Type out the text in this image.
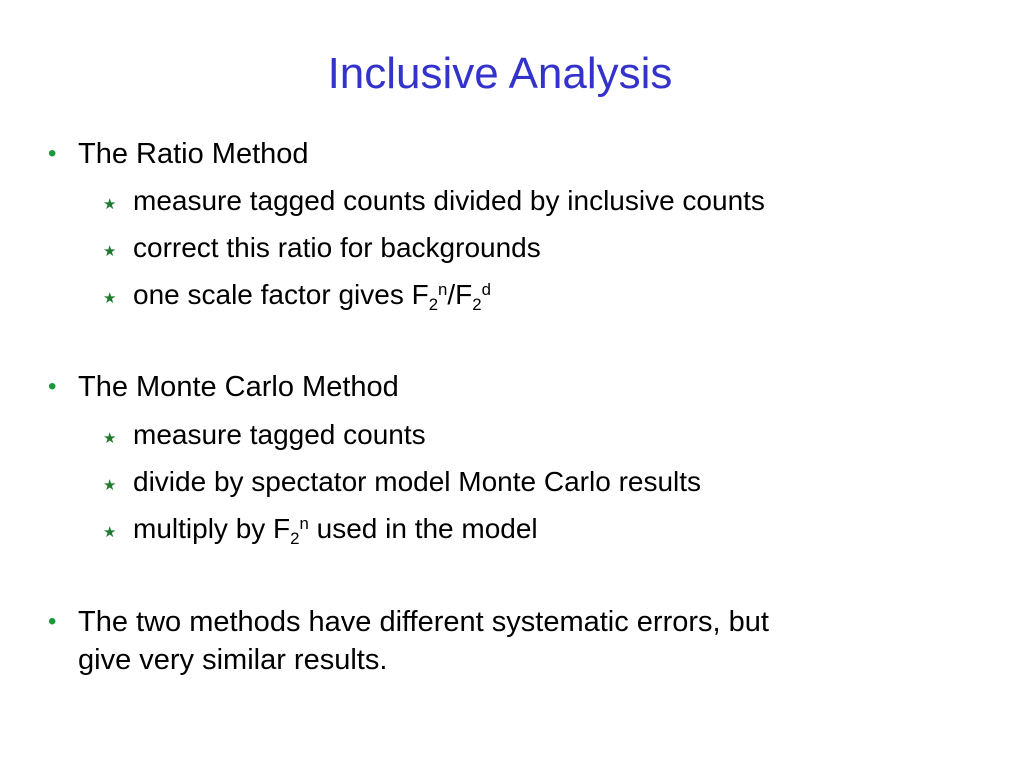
Inclusive Analysis
• The Ratio Method
★ measure tagged counts divided by inclusive counts
★ correct this ratio for backgrounds
★ one scale factor gives $F_2^n/F_2^d$
• The Monte Carlo Method
★ measure tagged counts
★ divide by spectator model Monte Carlo results
★ multiply by $F_2^n$ used in the model
• The two methods have different systematic errors, but
give very similar results.
